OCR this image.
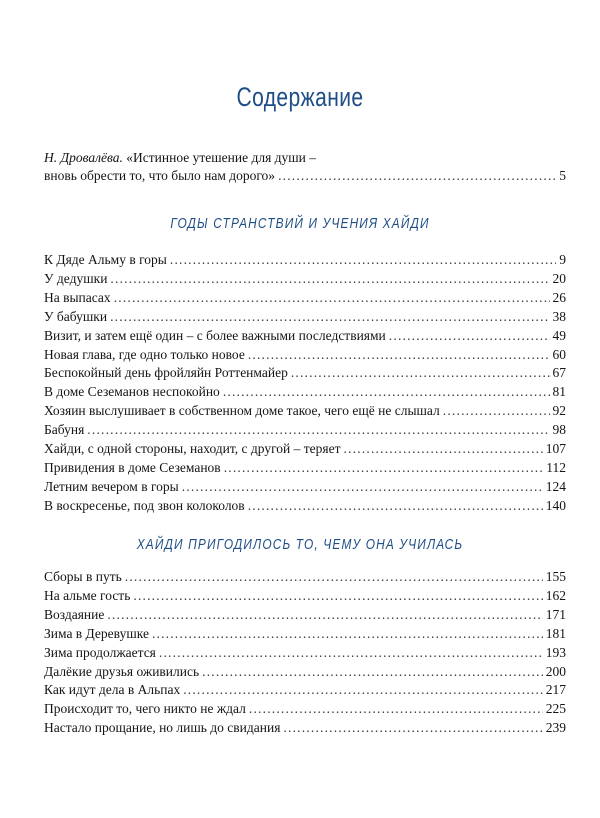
Содержание
Н. Дровалёва. «Истинное утешение для души –
вновь обрести то, что было нам дорого» .....	5
ГОДЫ СТРАНСТВИЙ И УЧЕНИЯ ХАЙДИ
К Дяде Альму в горы .....	9
У дедушки .....	20
На выпасах .....	26
У бабушки .....	38
Визит, и затем ещё один – с более важными последствиями .....	49
Новая глава, где одно только новое .....	60
Беспокойный день фройляйн Роттенмайер .....	67
В доме Сеземанов неспокойно .....	81
Хозяин выслушивает в собственном доме такое, чего ещё не слышал .....	92
Бабуня .....	98
Хайди, с одной стороны, находит, с другой – теряет .....	107
Привидения в доме Сеземанов .....	112
Летним вечером в горы .....	124
В воскресенье, под звон колоколов .....	140
ХАЙДИ ПРИГОДИЛОСЬ ТО, ЧЕМУ ОНА УЧИЛАСЬ
Сборы в путь .....	155
На альме гость .....	162
Воздаяние .....	171
Зима в Деревушке .....	181
Зима продолжается .....	193
Далёкие друзья оживились .....	200
Как идут дела в Альпах .....	217
Происходит то, чего никто не ждал .....	225
Настало прощание, но лишь до свидания .....	239
